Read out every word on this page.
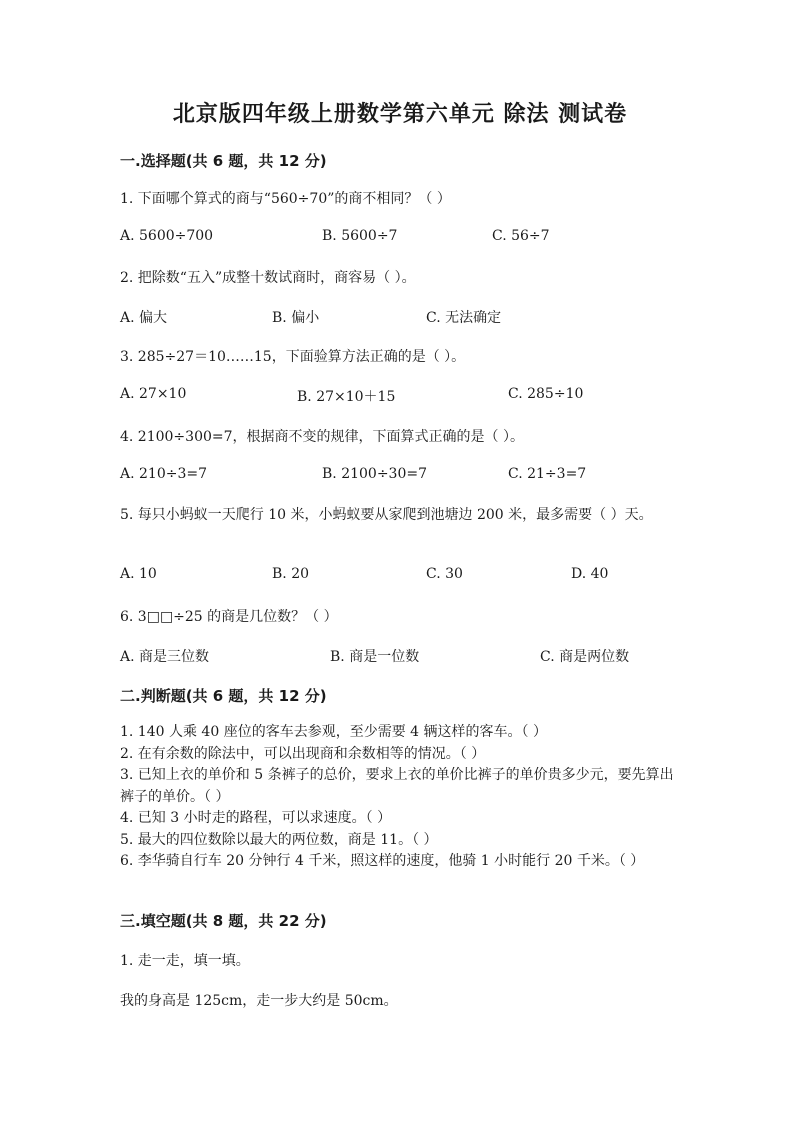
北京版四年级上册数学第六单元 除法 测试卷
一.选择题(共 6 题，共 12 分)
1. 下面哪个算式的商与“560÷70”的商不相同？（ ）
A. 5600÷700	B. 5600÷7	C. 56÷7
2. 把除数“五入”成整十数试商时，商容易（ ）。
A. 偏大	B. 偏小	C. 无法确定
3. 285÷27＝10……15，下面验算方法正确的是（ ）。
A. 27×10	B. 27×10＋15	C. 285÷10
4. 2100÷300=7，根据商不变的规律，下面算式正确的是（ ）。
A. 210÷3=7	B. 2100÷30=7	C. 21÷3=7
5. 每只小蚂蚁一天爬行 10 米，小蚂蚁要从家爬到池塘边 200 米，最多需要（ ）天。
A. 10	B. 20	C. 30	D. 40
6. 3□□÷25 的商是几位数？（ ）
A. 商是三位数	B. 商是一位数	C. 商是两位数
二.判断题(共 6 题，共 12 分)
1. 140 人乘 40 座位的客车去参观，至少需要 4 辆这样的客车。（ ）
2. 在有余数的除法中，可以出现商和余数相等的情况。（ ）
3. 已知上衣的单价和 5 条裤子的总价，要求上衣的单价比裤子的单价贵多少元，要先算出裤子的单价。（ ）
4. 已知 3 小时走的路程，可以求速度。（ ）
5. 最大的四位数除以最大的两位数，商是 11。（ ）
6. 李华骑自行车 20 分钟行 4 千米，照这样的速度，他骑 1 小时能行 20 千米。（ ）
三.填空题(共 8 题，共 22 分)
1. 走一走，填一填。
我的身高是 125cm，走一步大约是 50cm。
